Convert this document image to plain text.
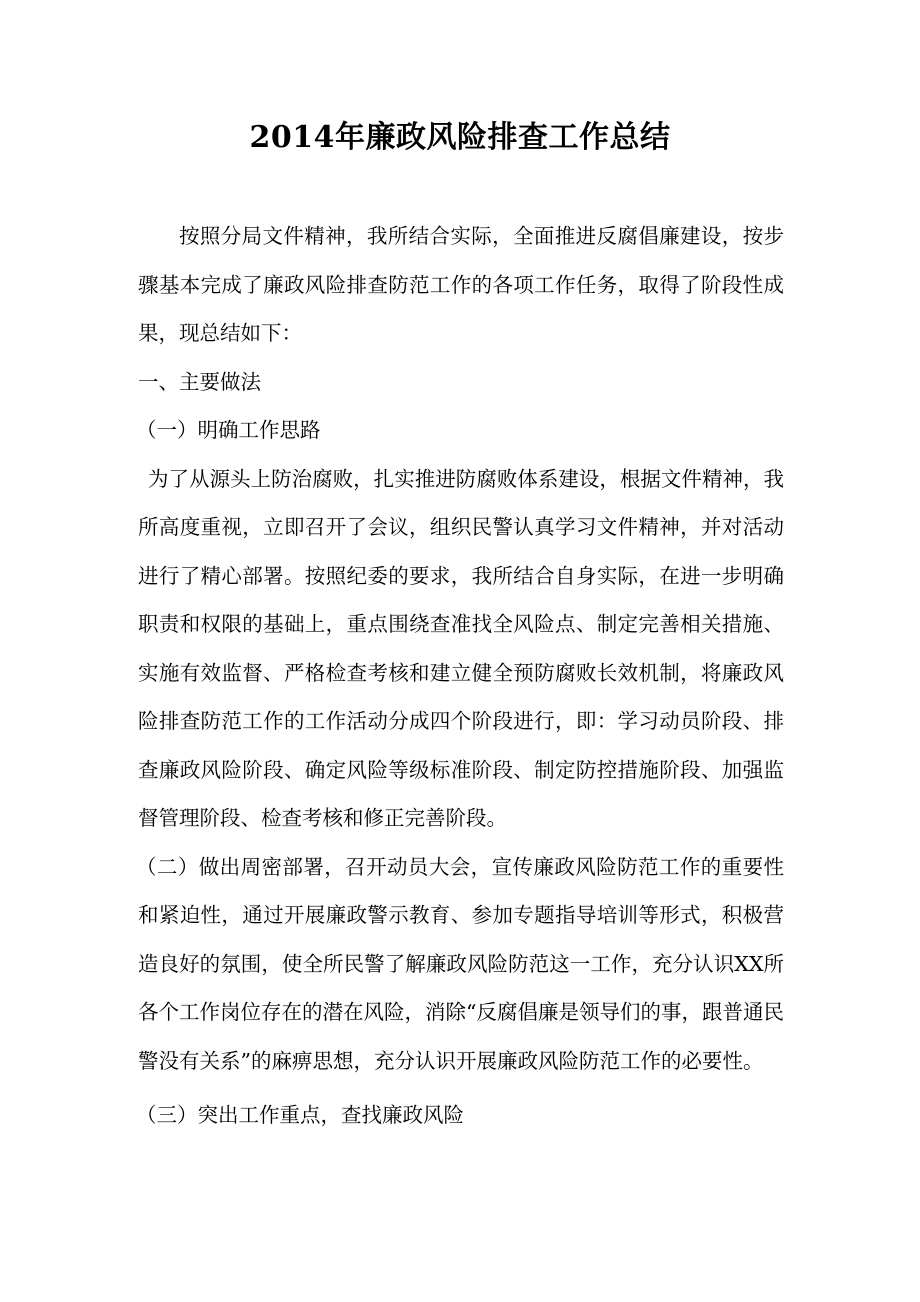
2014年廉政风险排查工作总结

按照分局文件精神，我所结合实际，全面推进反腐倡廉建设，按步骤基本完成了廉政风险排查防范工作的各项工作任务，取得了阶段性成果，现总结如下：

一、主要做法

（一）明确工作思路

为了从源头上防治腐败，扎实推进防腐败体系建设，根据文件精神，我所高度重视，立即召开了会议，组织民警认真学习文件精神，并对活动进行了精心部署。按照纪委的要求，我所结合自身实际，在进一步明确职责和权限的基础上，重点围绕查准找全风险点、制定完善相关措施、实施有效监督、严格检查考核和建立健全预防腐败长效机制，将廉政风险排查防范工作的工作活动分成四个阶段进行，即：学习动员阶段、排查廉政风险阶段、确定风险等级标准阶段、制定防控措施阶段、加强监督管理阶段、检查考核和修正完善阶段。

（二）做出周密部署，召开动员大会，宣传廉政风险防范工作的重要性和紧迫性，通过开展廉政警示教育、参加专题指导培训等形式，积极营造良好的氛围，使全所民警了解廉政风险防范这一工作，充分认识XX所各个工作岗位存在的潜在风险，消除“反腐倡廉是领导们的事，跟普通民警没有关系”的麻痹思想，充分认识开展廉政风险防范工作的必要性。

（三）突出工作重点，查找廉政风险
